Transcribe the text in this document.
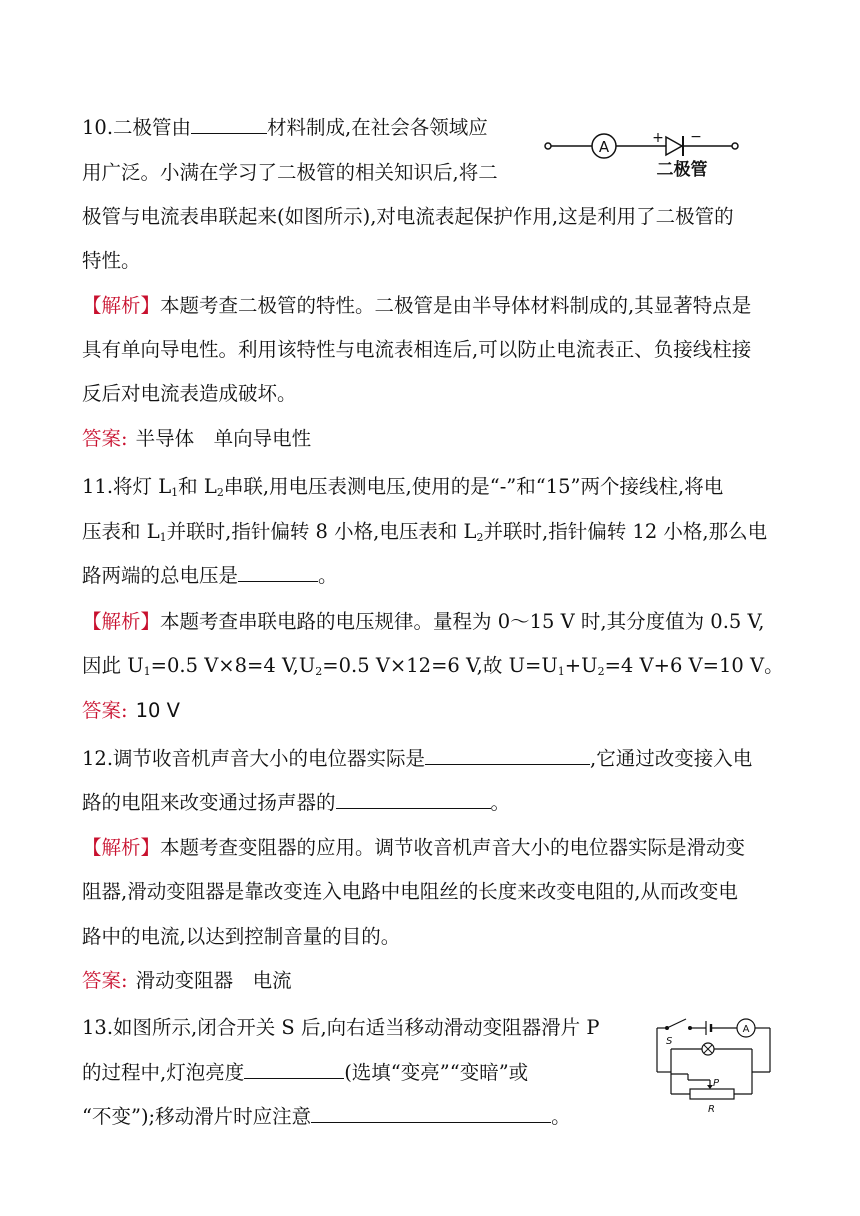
10.二极管由	材料制成,在社会各领域应
用广泛。小满在学习了二极管的相关知识后,将二
极管与电流表串联起来(如图所示),对电流表起保护作用,这是利用了二极管的
特性。
A	+ −
二极管
【解析】本题考查二极管的特性。二极管是由半导体材料制成的,其显著特点是
具有单向导电性。利用该特性与电流表相连后,可以防止电流表正、负接线柱接
反后对电流表造成破坏。
答案: 半导体　单向导电性
11.将灯 $L_1$和 $L_2$串联,用电压表测电压,使用的是“-”和“15”两个接线柱,将电
压表和 $L_1$并联时,指针偏转 8 小格,电压表和 $L_2$并联时,指针偏转 12 小格,那么电
路两端的总电压是	。
【解析】本题考查串联电路的电压规律。量程为 0～15 V 时,其分度值为 0.5 V,
因此 $U_1=0.5$ V×8=4 $V,U_2=0.5$ V×12=6 V,故 $U=U_1+U_2=4$ V+6 V=10 V。
答案: 10 V
12.调节收音机声音大小的电位器实际是	,它通过改变接入电
路的电阻来改变通过扬声器的	。
【解析】本题考查变阻器的应用。调节收音机声音大小的电位器实际是滑动变
阻器,滑动变阻器是靠改变连入电路中电阻丝的长度来改变电阻的,从而改变电
路中的电流,以达到控制音量的目的。
答案: 滑动变阻器　电流
13.如图所示,闭合开关 S 后,向右适当移动滑动变阻器滑片 P
的过程中,灯泡亮度	(选填“变亮”“变暗”或
“不变”);移动滑片时应注意	。
S
A
P
R
